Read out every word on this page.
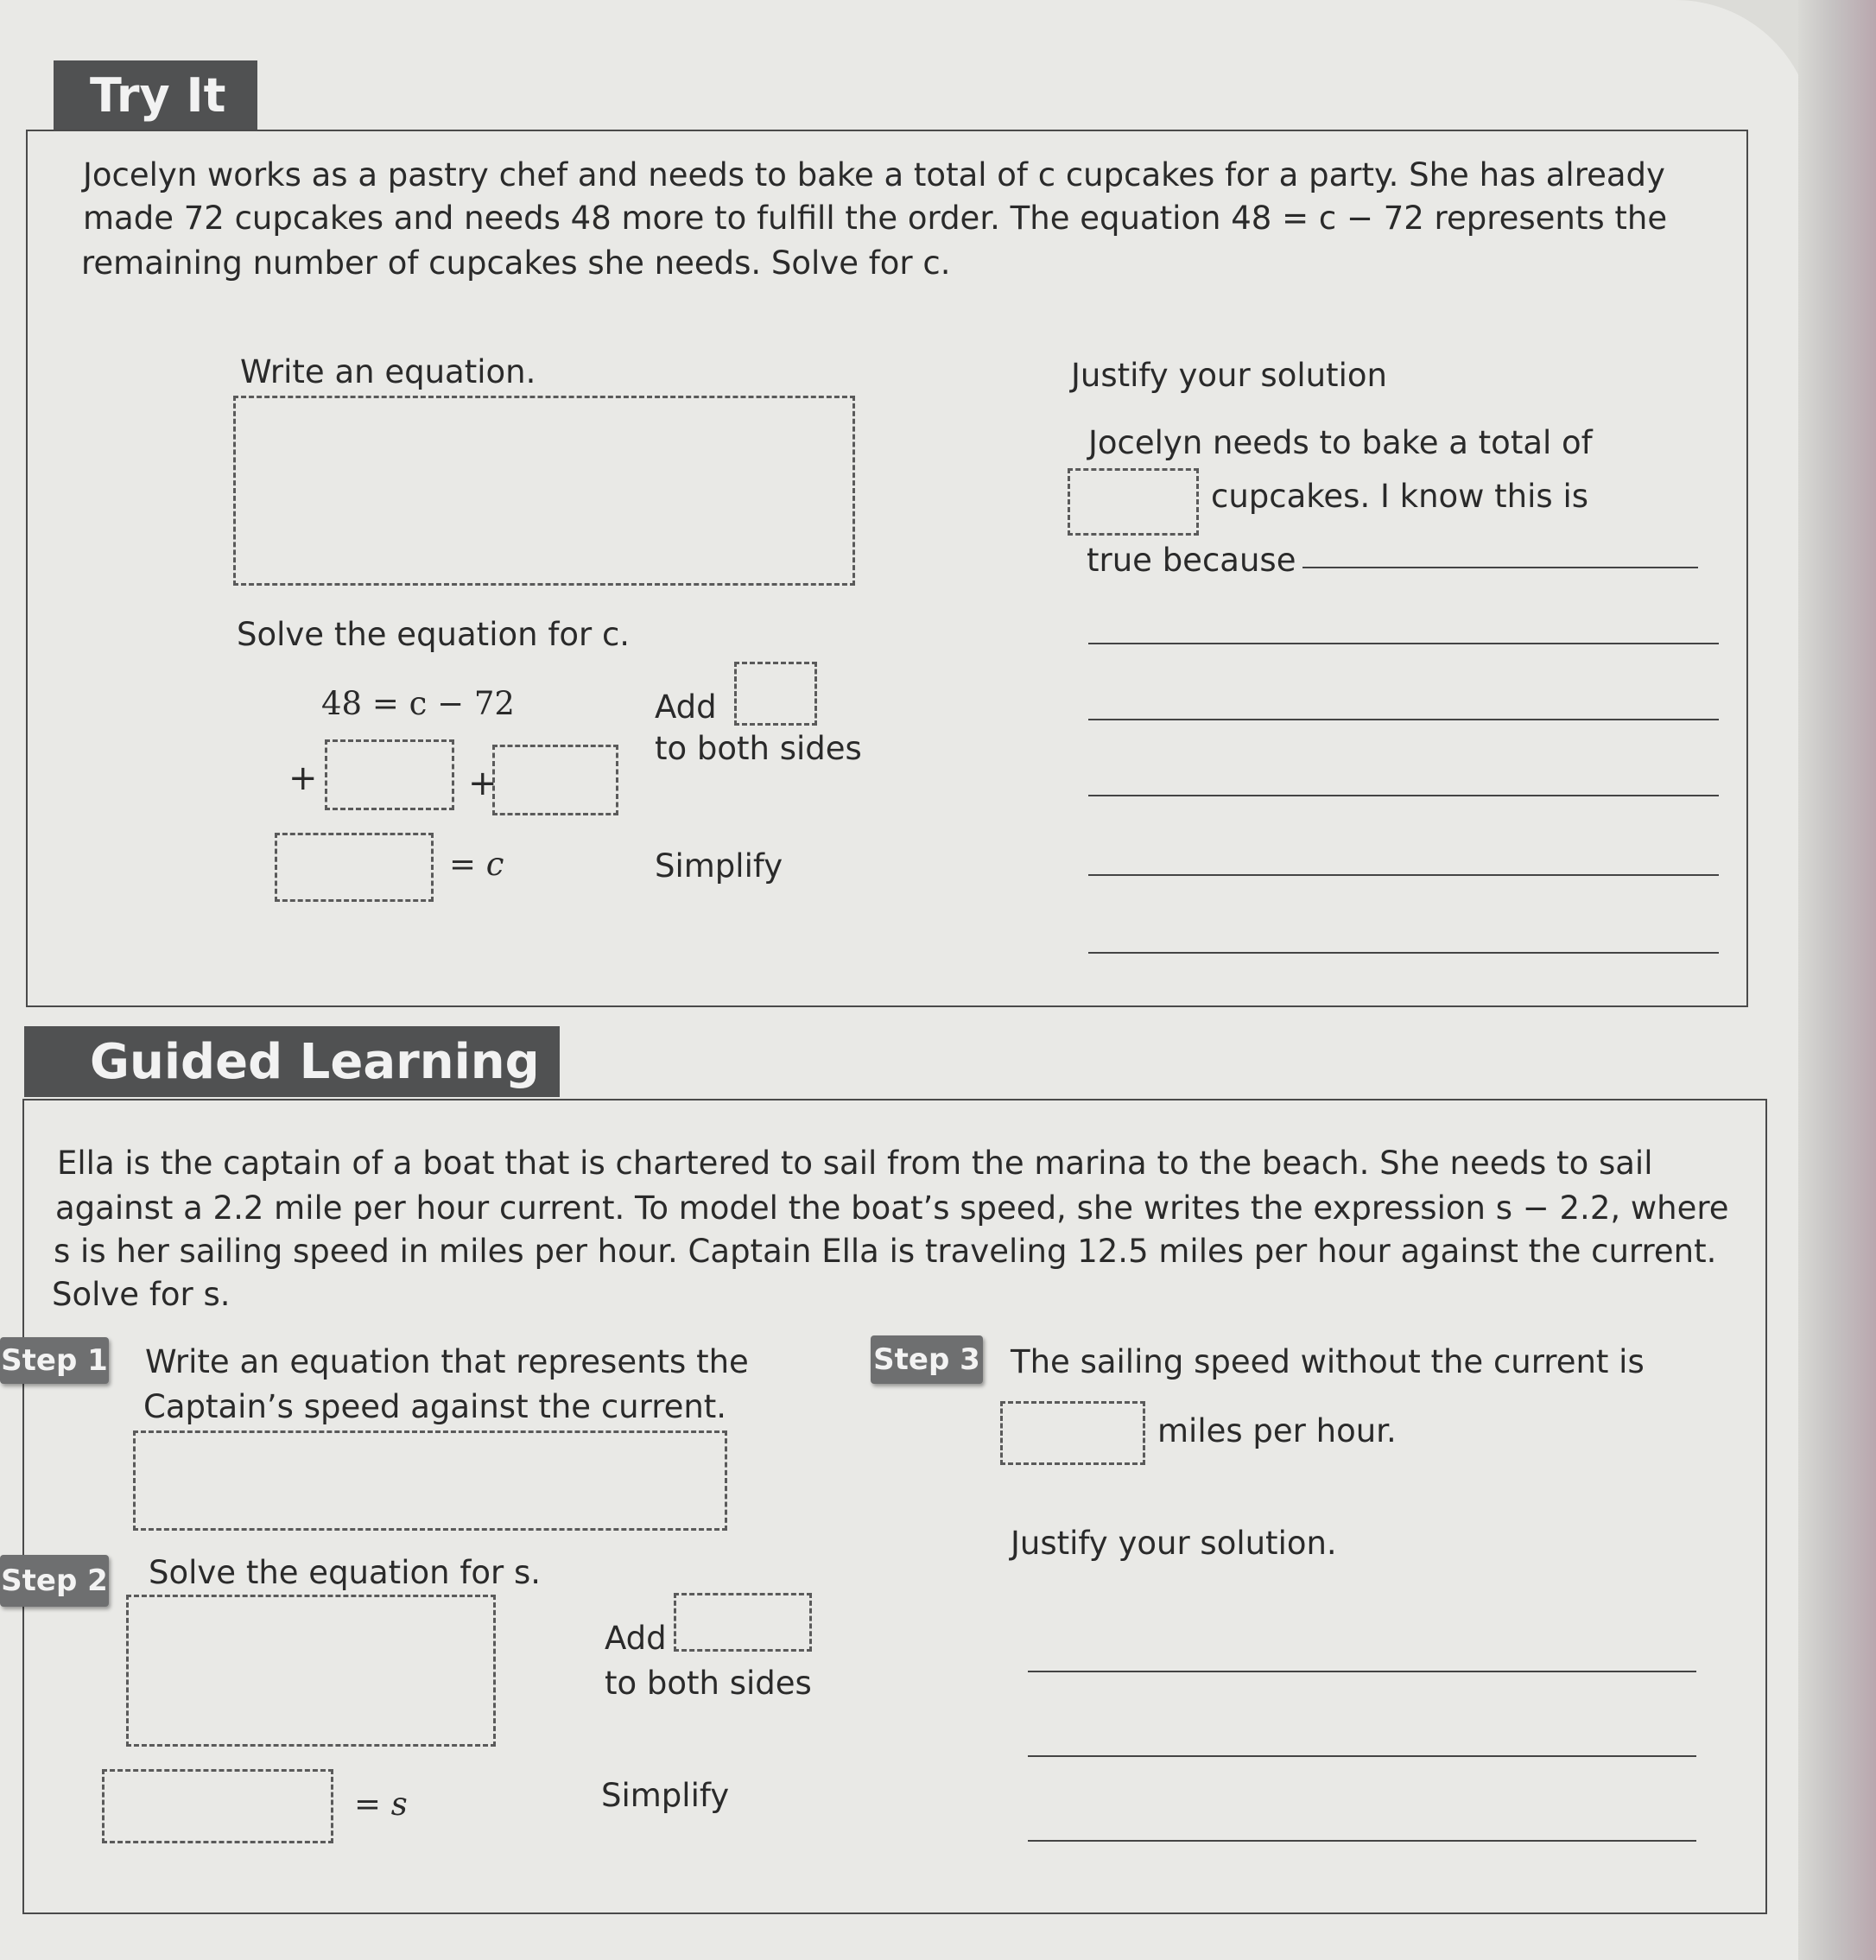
Try It
Jocelyn works as a pastry chef and needs to bake a total of c cupcakes for a party. She has already
made 72 cupcakes and needs 48 more to fulfill the order. The equation 48 = c − 72 represents the
remaining number of cupcakes she needs. Solve for c.
Write an equation.	Justify your solution
Jocelyn needs to bake a total of
cupcakes. I know this is
true because
Solve the equation for c.
48 = c − 72	Add
to both sides
+	+
= c	Simplify
Guided Learning
Ella is the captain of a boat that is chartered to sail from the marina to the beach. She needs to sail
against a 2.2 mile per hour current. To model the boat’s speed, she writes the expression s − 2.2, where
s is her sailing speed in miles per hour. Captain Ella is traveling 12.5 miles per hour against the current.
Solve for s.
Step 1 Write an equation that represents the
Captain’s speed against the current.
Step 2 Solve the equation for s.
Add
to both sides
= s	Simplify
Step 3 The sailing speed without the current is
miles per hour.
Justify your solution.
